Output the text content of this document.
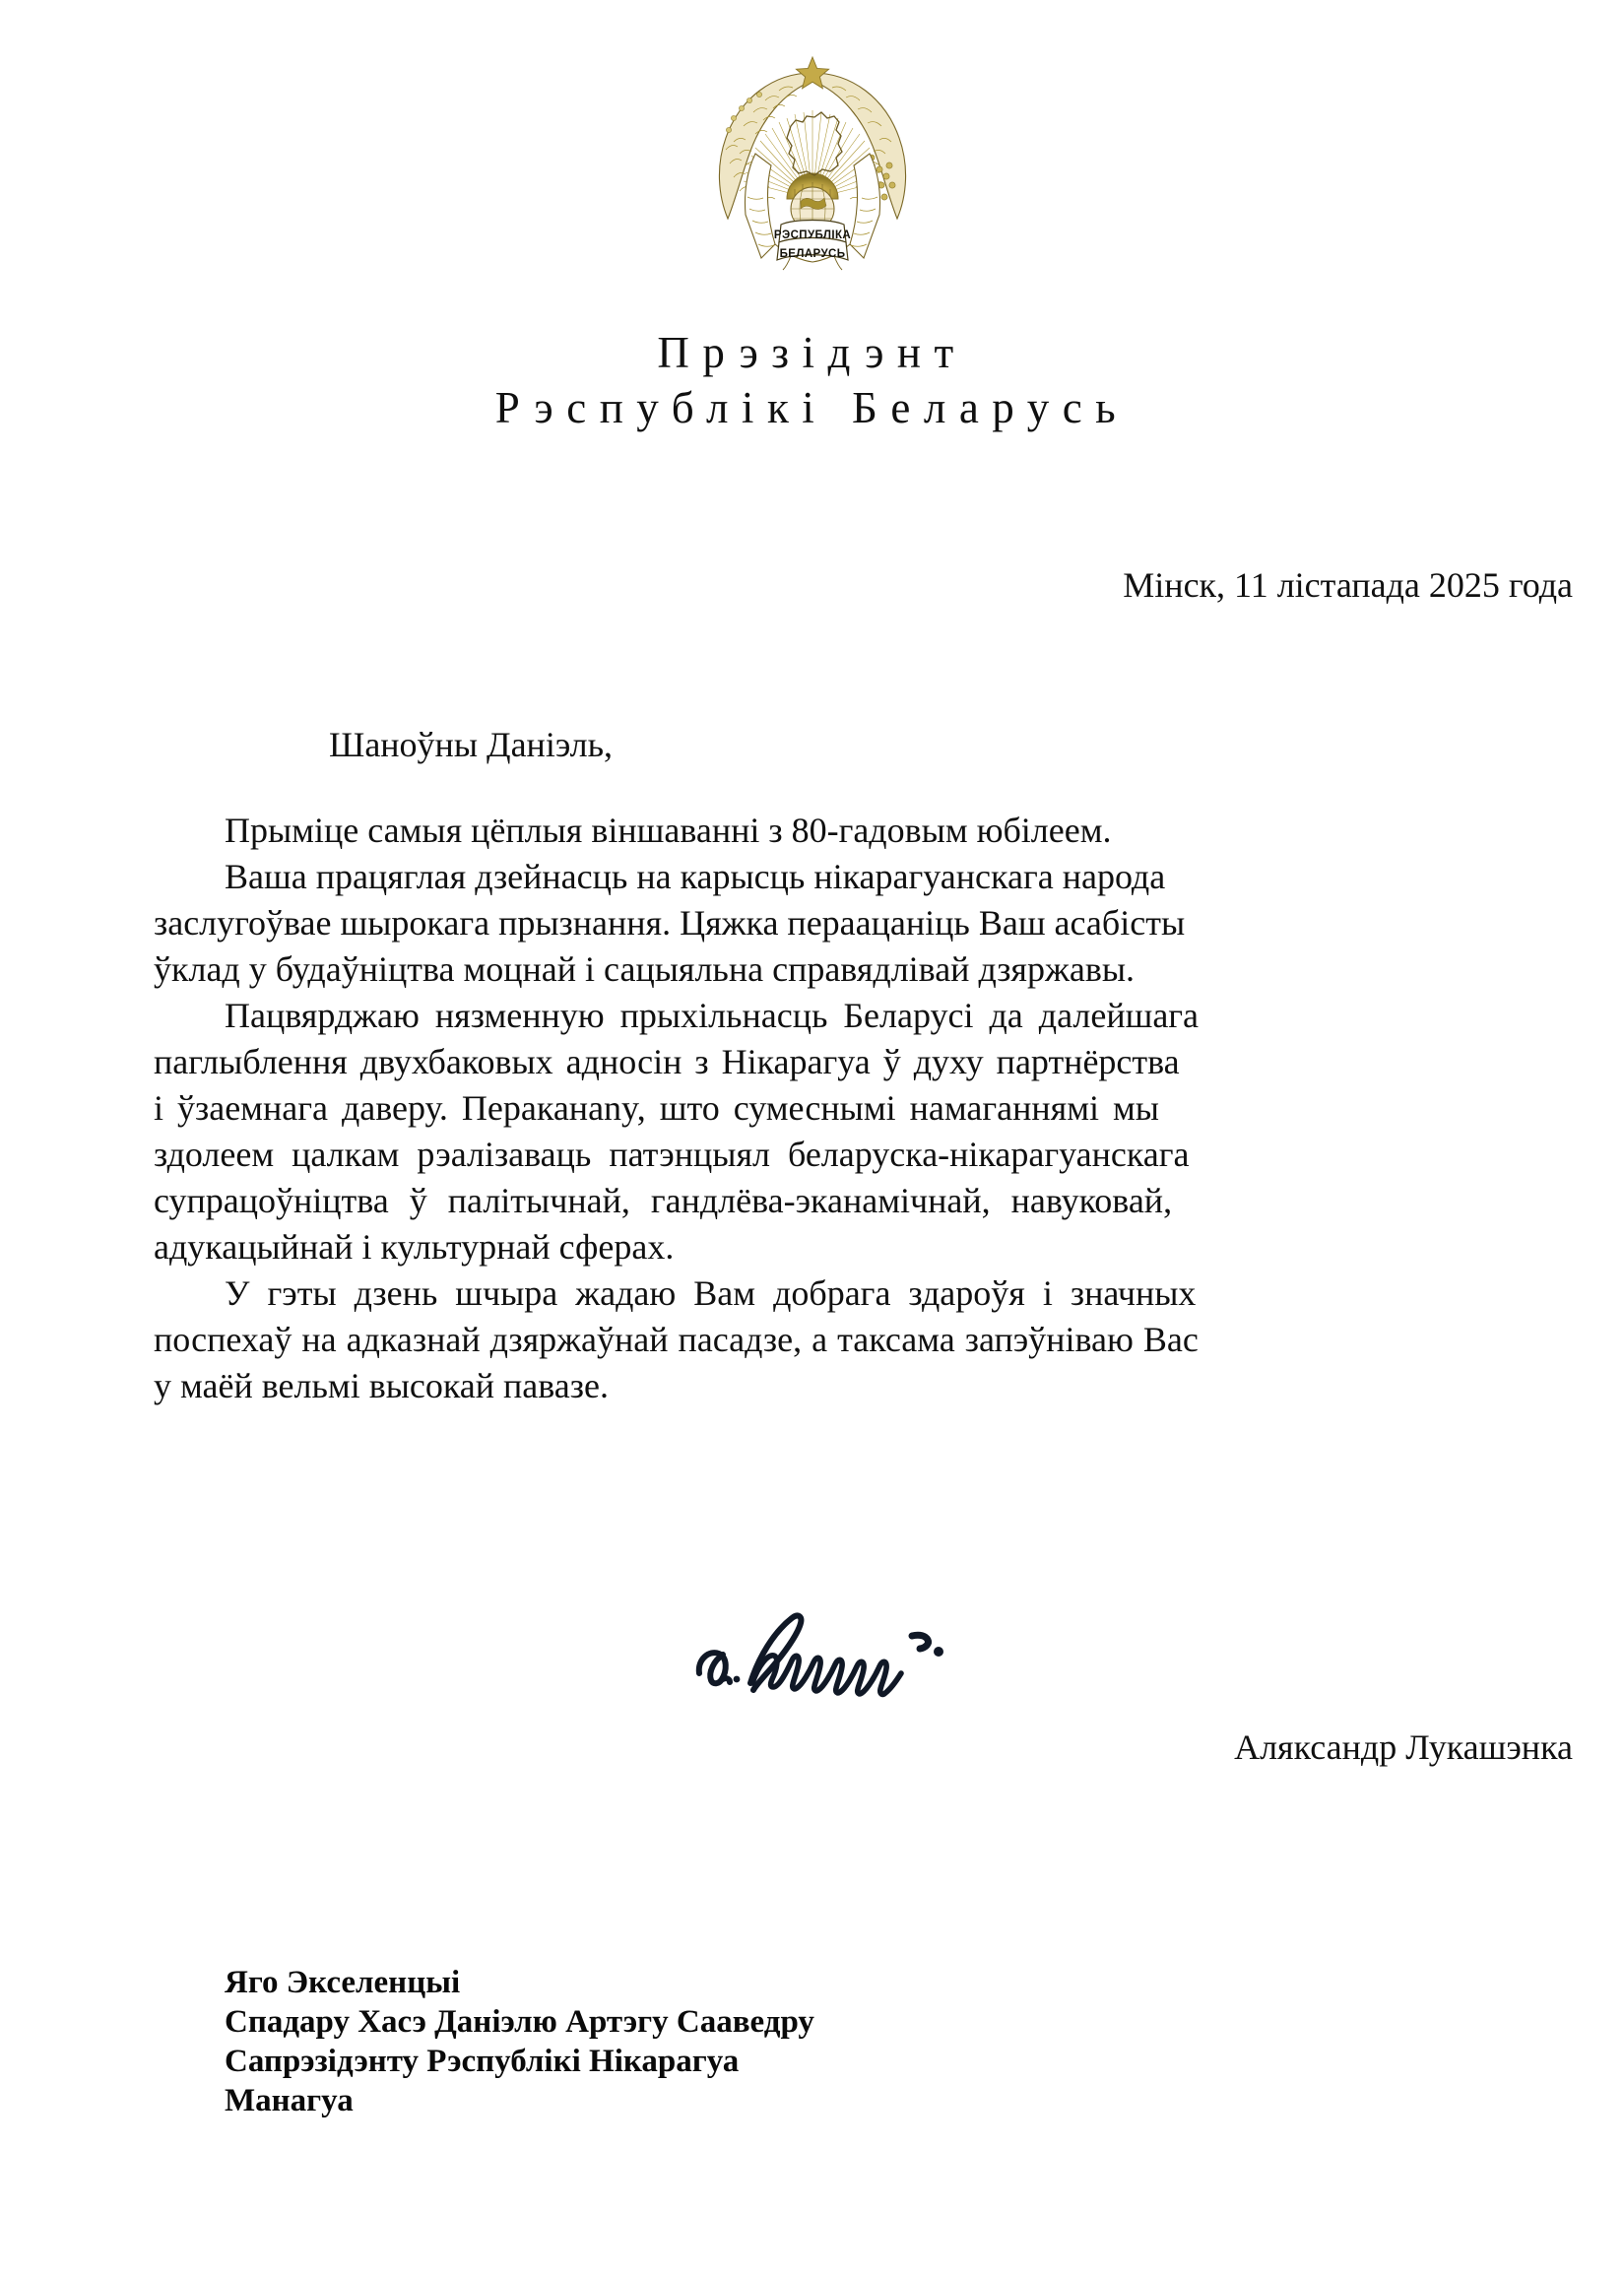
РЭСПУБЛІКА
БЕЛАРУСЬ
Прэзідэнт
Рэспублікі Беларусь
Мінск, 11 лістапада 2025 года
Шаноўны Даніэль,
Прыміце самыя цёплыя віншаванні з 80-гадовым юбілеем.
Ваша працяглая дзейнасць на карысць нікарагуанскага народа
заслугоўвае шырокага прызнання. Цяжка пераацаніць Ваш асабісты
ўклад у будаўніцтва моцнай і сацыяльна справядлівай дзяржавы.
Пацвярджаю нязменную прыхільнасць Беларусі да далейшага
паглыблення двухбаковых адносін з Нікарагуа ў духу партнёрства
і ўзаемнага даверу. Пераканany, што сумеснымі намаганнямі мы
здолеем цалкам рэалізаваць патэнцыял беларуска-нікарагуанскага
супрацоўніцтва ў палітычнай, гандлёва-эканамічнай, навуковай,
адукацыйнай і культурнай сферах.
У гэты дзень шчыра жадаю Вам добрага здароўя і значных
поспехаў на адказнай дзяржаўнай пасадзе, а таксама запэўніваю Вас
у маёй вельмі высокай павазе.
Аляксандр Лукашэнка
Яго Экселенцыі
Спадару Хасэ Даніэлю Артэгу Сааведру
Сапрэзідэнту Рэспублікі Нікарагуа
Манагуа
